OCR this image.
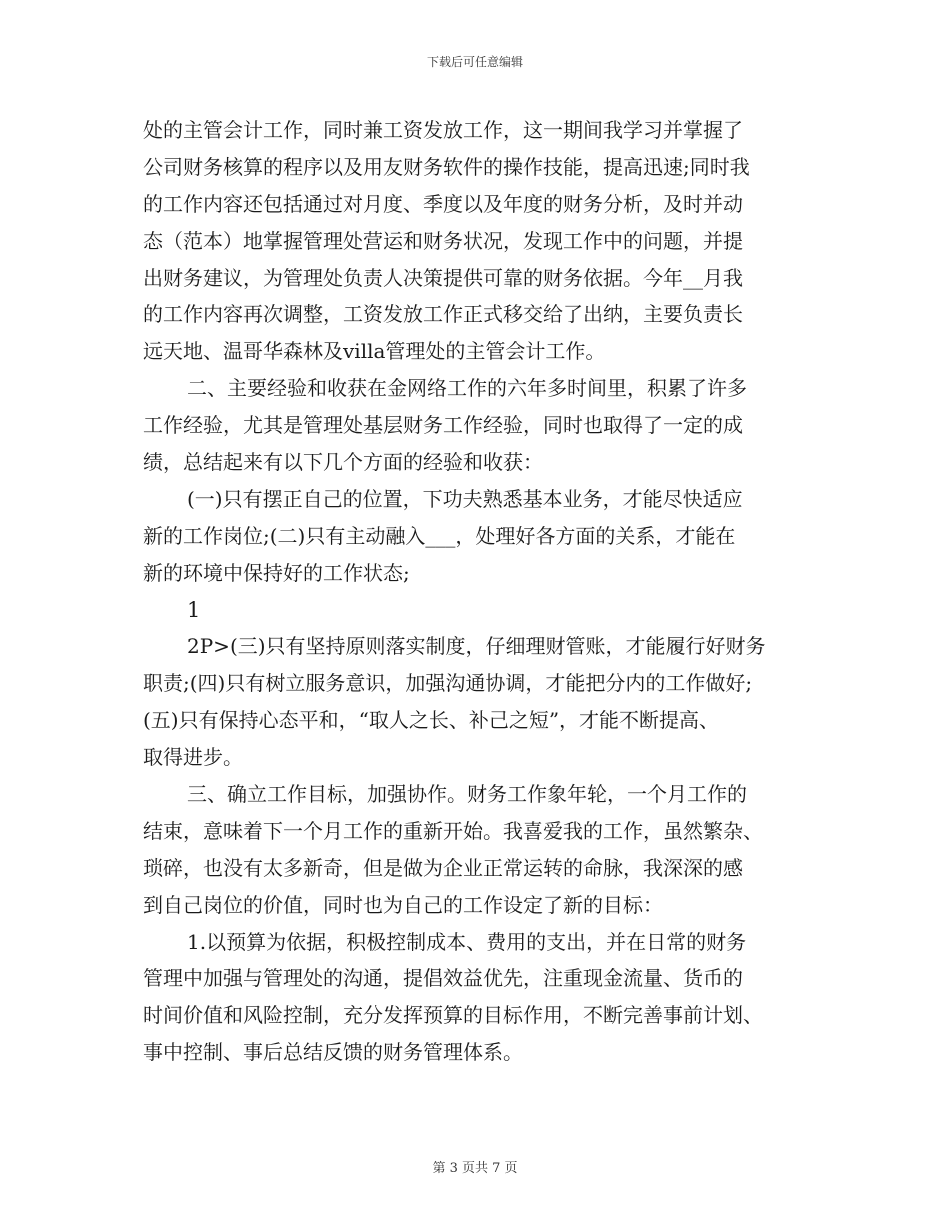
下载后可任意编辑
处的主管会计工作，同时兼工资发放工作，这一期间我学习并掌握了
公司财务核算的程序以及用友财务软件的操作技能，提高迅速;同时我
的工作内容还包括通过对月度、季度以及年度的财务分析，及时并动
态（范本）地掌握管理处营运和财务状况，发现工作中的问题，并提
出财务建议，为管理处负责人决策提供可靠的财务依据。今年__月我
的工作内容再次调整，工资发放工作正式移交给了出纳，主要负责长
远天地、温哥华森林及villa管理处的主管会计工作。
二、主要经验和收获在金网络工作的六年多时间里，积累了许多
工作经验，尤其是管理处基层财务工作经验，同时也取得了一定的成
绩，总结起来有以下几个方面的经验和收获：
(一)只有摆正自己的位置，下功夫熟悉基本业务，才能尽快适应
新的工作岗位;(二)只有主动融入___，处理好各方面的关系，才能在
新的环境中保持好的工作状态;
1
2P>(三)只有坚持原则落实制度，仔细理财管账，才能履行好财务
职责;(四)只有树立服务意识，加强沟通协调，才能把分内的工作做好;
(五)只有保持心态平和，“取人之长、补己之短”，才能不断提高、
取得进步。
三、确立工作目标，加强协作。财务工作象年轮，一个月工作的
结束，意味着下一个月工作的重新开始。我喜爱我的工作，虽然繁杂、
琐碎，也没有太多新奇，但是做为企业正常运转的命脉，我深深的感
到自己岗位的价值，同时也为自己的工作设定了新的目标：
1.以预算为依据，积极控制成本、费用的支出，并在日常的财务
管理中加强与管理处的沟通，提倡效益优先，注重现金流量、货币的
时间价值和风险控制，充分发挥预算的目标作用，不断完善事前计划、
事中控制、事后总结反馈的财务管理体系。
第 3 页共 7 页
